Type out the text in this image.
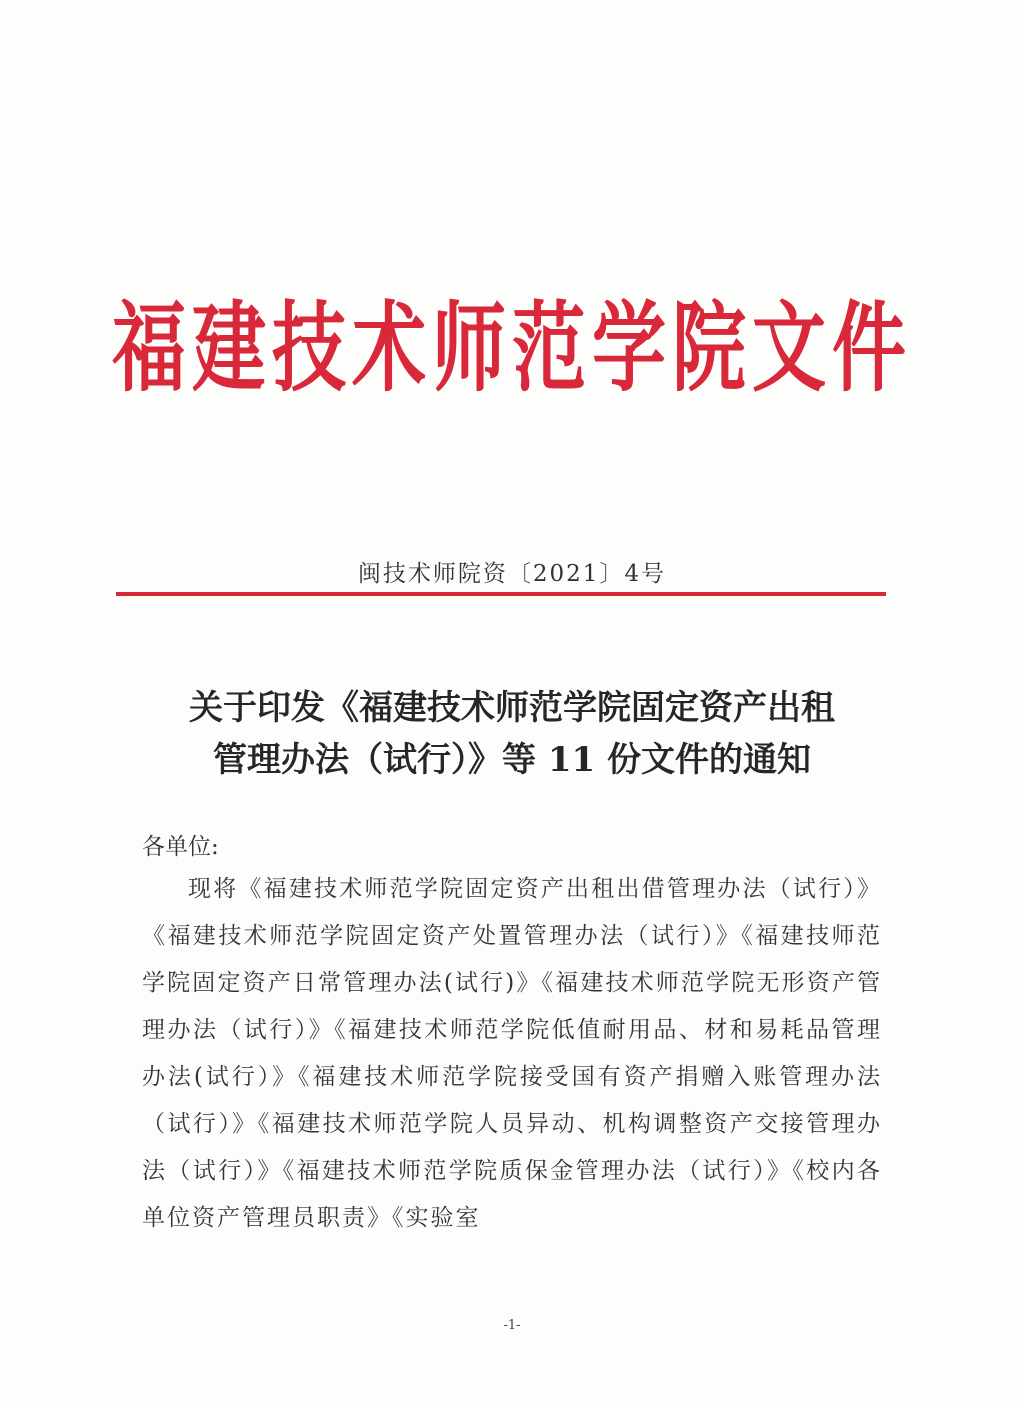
福建技术师范学院文件
闽技术师院资〔2021〕4号
关于印发《福建技术师范学院固定资产出租
管理办法（试行）》等 11 份文件的通知
各单位:
现将《福建技术师范学院固定资产出租出借管理办法（试行）》《福建技术师范学院固定资产处置管理办法（试行）》《福建技师范学院固定资产日常管理办法(试行)》《福建技术师范学院无形资产管理办法（试行）》《福建技术师范学院低值耐用品、材和易耗品管理办法(试行）》《福建技术师范学院接受国有资产捐赠入账管理办法（试行）》《福建技术师范学院人员异动、机构调整资产交接管理办法（试行）》《福建技术师范学院质保金管理办法（试行）》《校内各单位资产管理员职责》《实验室
-1-
